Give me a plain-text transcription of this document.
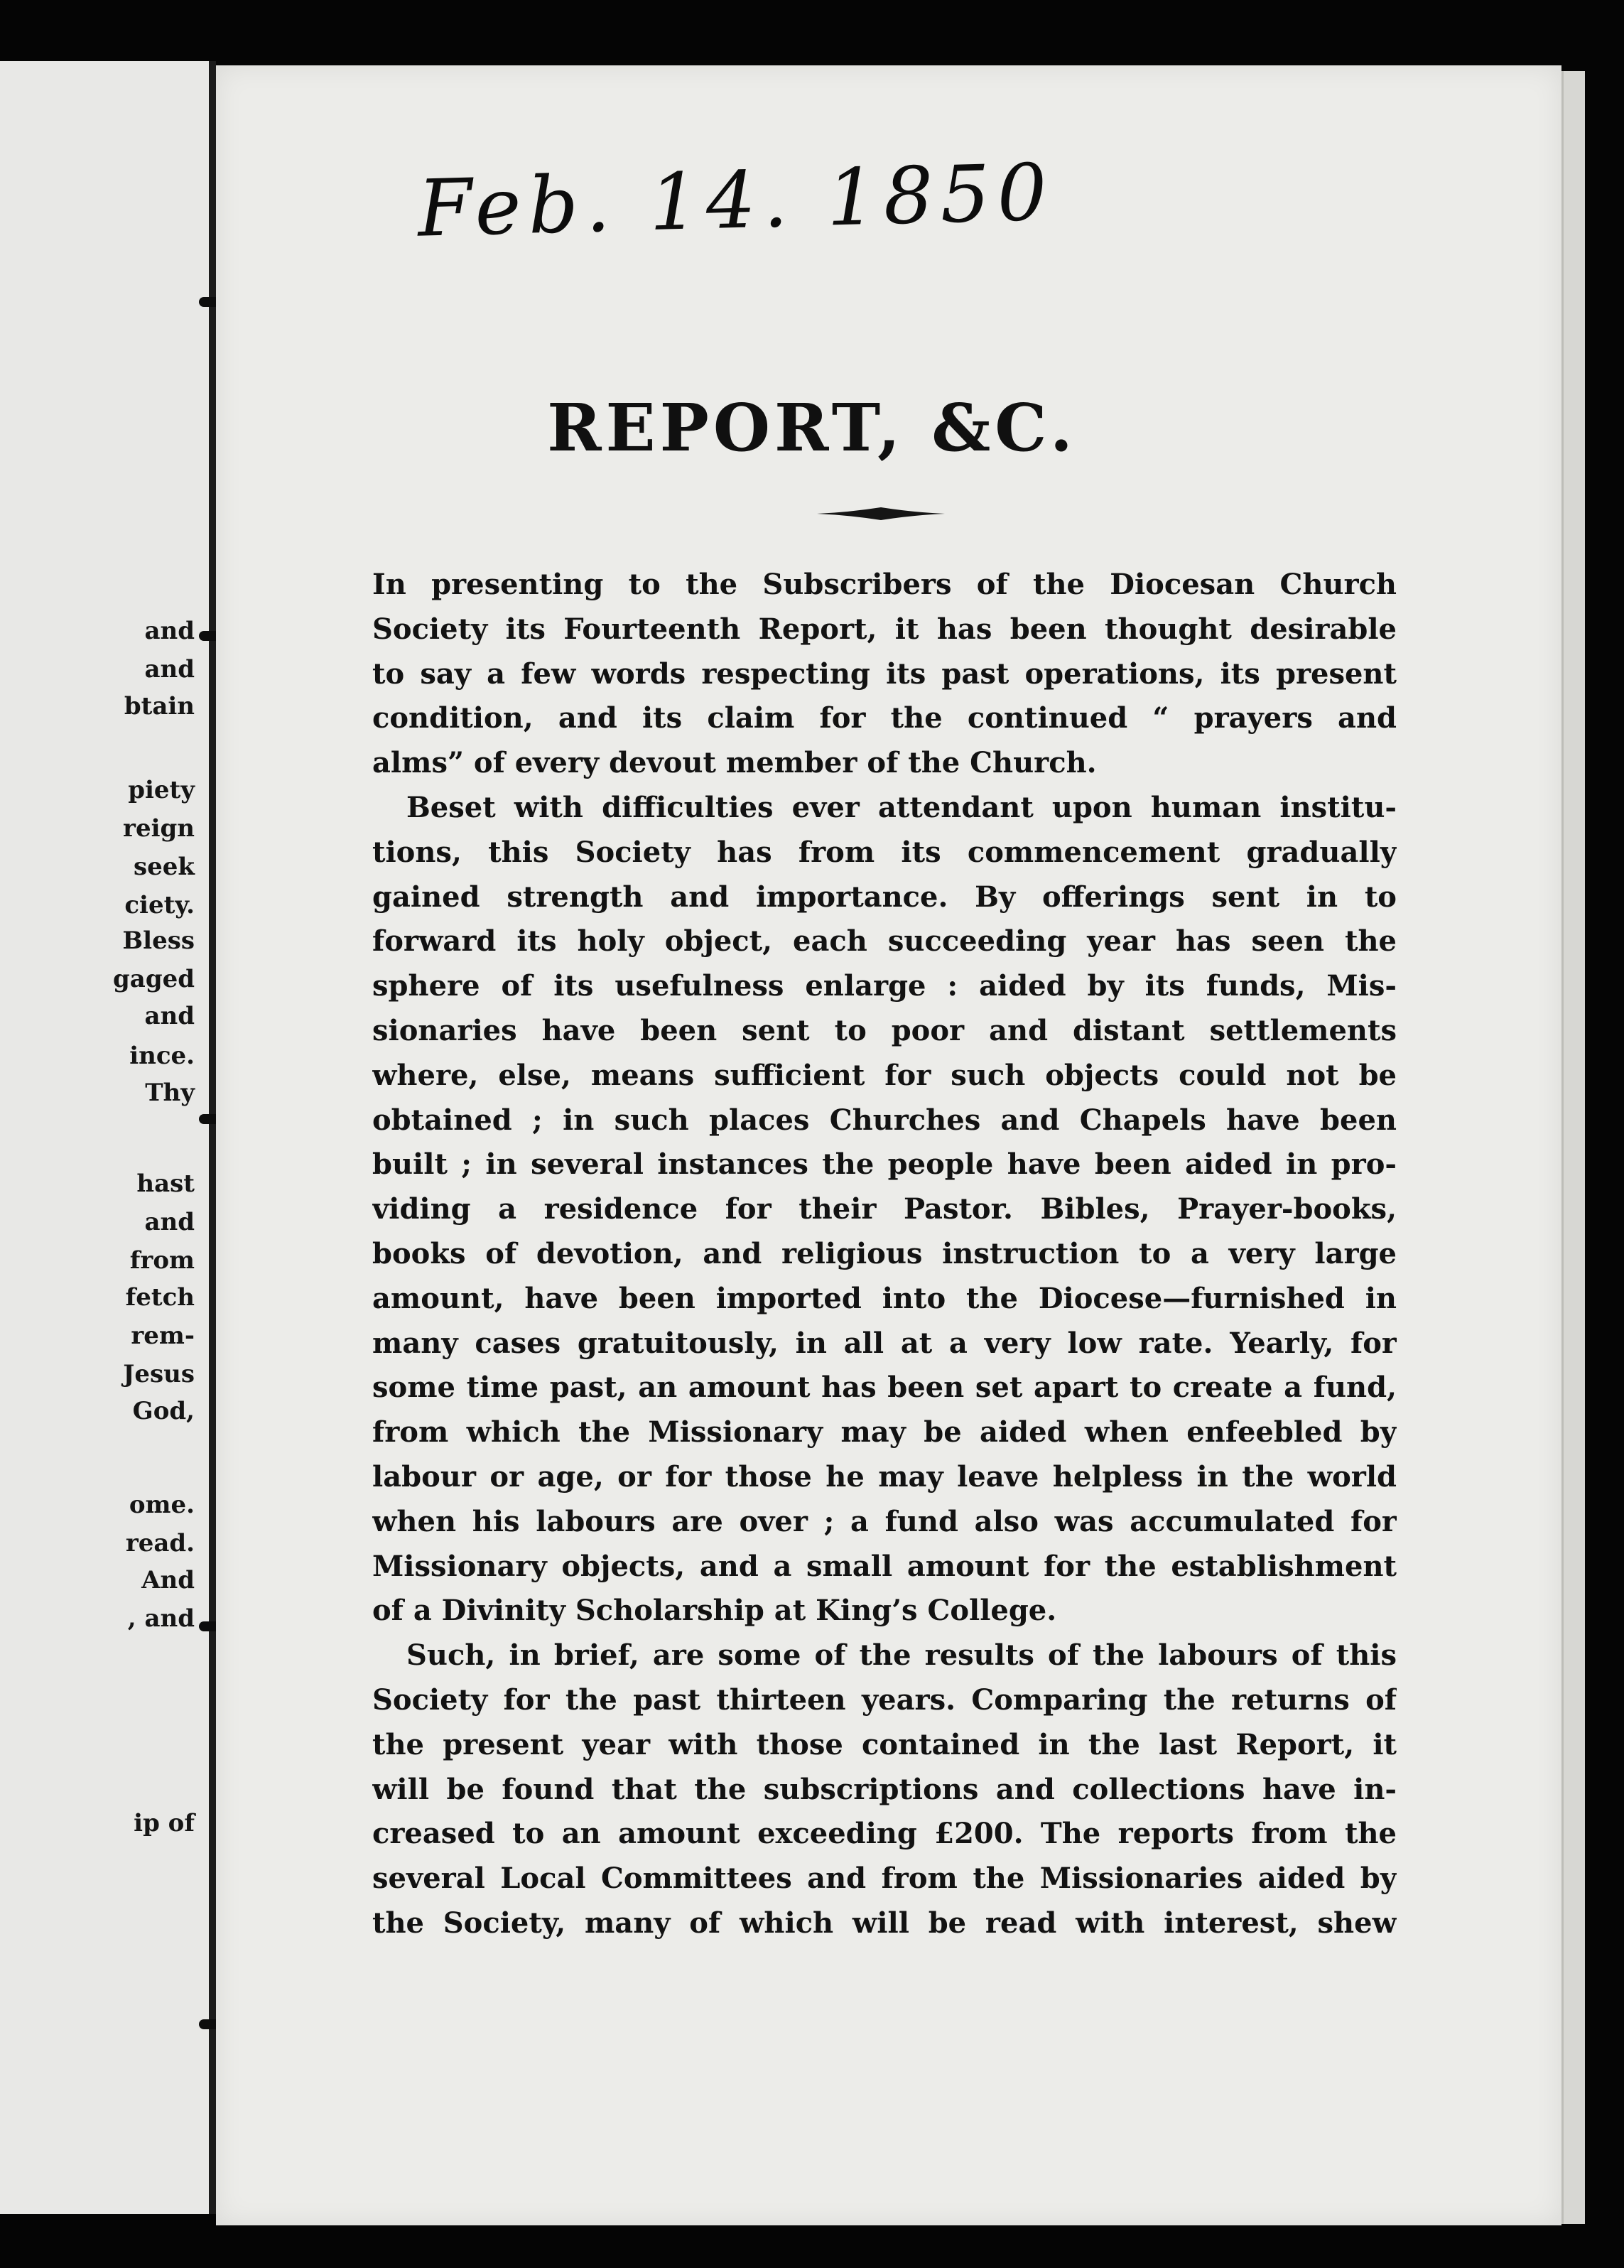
and

and

btain

piety

reign

seek

ciety.

Bless

gaged

and

ince.

Thy

hast

and

from

fetch

rem-

Jesus

God,

ome.

read.

And

, and

ip of

Feb. 14. 1850

REPORT, &C.

In presenting to the Subscribers of the Diocesan Church

Society its Fourteenth Report, it has been thought desirable

to say a few words respecting its past operations, its present

condition, and its claim for the continued “ prayers and

alms” of every devout member of the Church.

Beset with difficulties ever attendant upon human institu-

tions, this Society has from its commencement gradually

gained strength and importance. By offerings sent in to

forward its holy object, each succeeding year has seen the

sphere of its usefulness enlarge : aided by its funds, Mis-

sionaries have been sent to poor and distant settlements

where, else, means sufficient for such objects could not be

obtained ; in such places Churches and Chapels have been

built ; in several instances the people have been aided in pro-

viding a residence for their Pastor. Bibles, Prayer-books,

books of devotion, and religious instruction to a very large

amount, have been imported into the Diocese—furnished in

many cases gratuitously, in all at a very low rate. Yearly, for

some time past, an amount has been set apart to create a fund,

from which the Missionary may be aided when enfeebled by

labour or age, or for those he may leave helpless in the world

when his labours are over ; a fund also was accumulated for

Missionary objects, and a small amount for the establishment

of a Divinity Scholarship at King’s College.

Such, in brief, are some of the results of the labours of this

Society for the past thirteen years. Comparing the returns of

the present year with those contained in the last Report, it

will be found that the subscriptions and collections have in-

creased to an amount exceeding £200. The reports from the

several Local Committees and from the Missionaries aided by

the Society, many of which will be read with interest, shew
